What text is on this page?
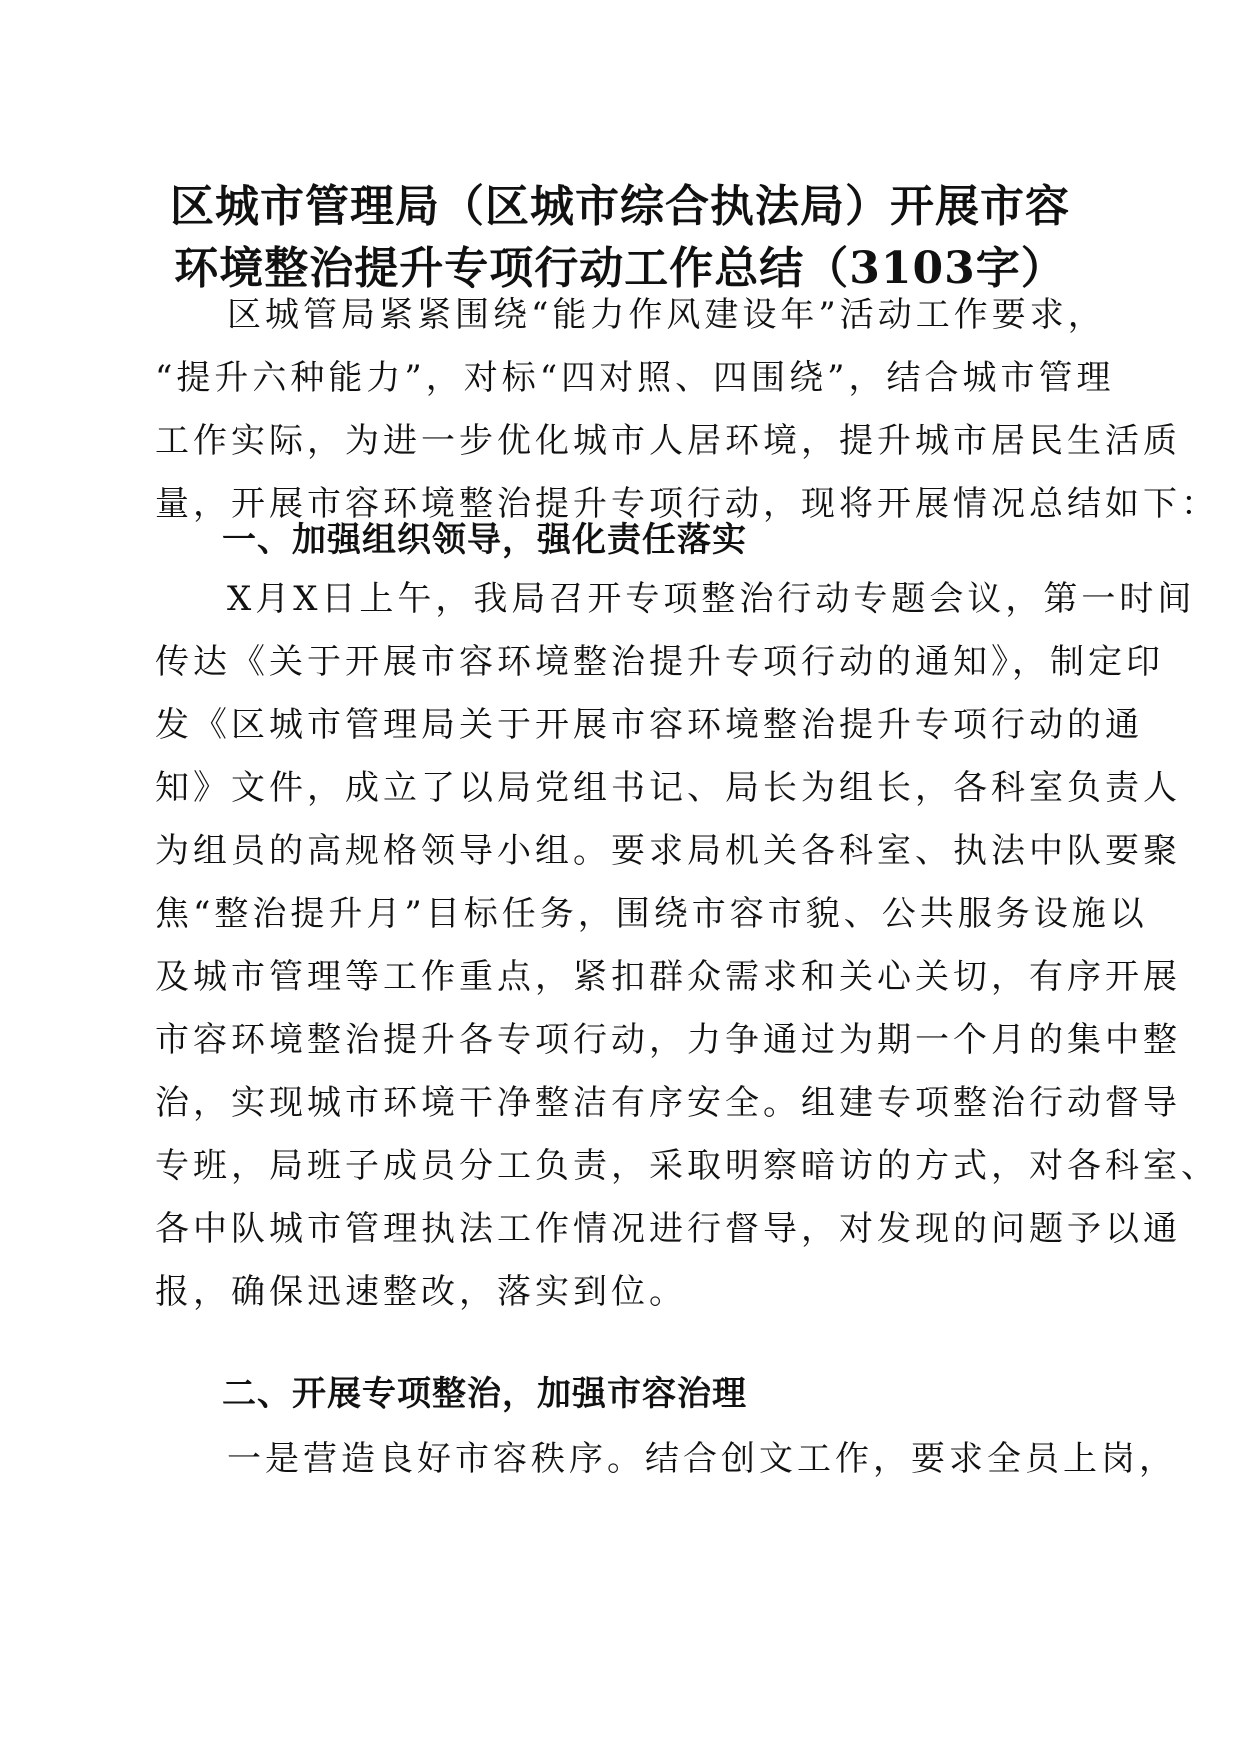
区城市管理局（区城市综合执法局）开展市容
环境整治提升专项行动工作总结（3103字）
区城管局紧紧围绕“能力作风建设年”活动工作要求，
“提升六种能力”，对标“四对照、四围绕”，结合城市管理
工作实际，为进一步优化城市人居环境，提升城市居民生活质
量，开展市容环境整治提升专项行动，现将开展情况总结如下：
一、加强组织领导，强化责任落实
X月X日上午，我局召开专项整治行动专题会议，第一时间
传达《关于开展市容环境整治提升专项行动的通知》，制定印
发《区城市管理局关于开展市容环境整治提升专项行动的通
知》文件，成立了以局党组书记、局长为组长，各科室负责人
为组员的高规格领导小组。要求局机关各科室、执法中队要聚
焦“整治提升月”目标任务，围绕市容市貌、公共服务设施以
及城市管理等工作重点，紧扣群众需求和关心关切，有序开展
市容环境整治提升各专项行动，力争通过为期一个月的集中整
治，实现城市环境干净整洁有序安全。组建专项整治行动督导
专班，局班子成员分工负责，采取明察暗访的方式，对各科室、
各中队城市管理执法工作情况进行督导，对发现的问题予以通
报，确保迅速整改，落实到位。
二、开展专项整治，加强市容治理
一是营造良好市容秩序。结合创文工作，要求全员上岗，
